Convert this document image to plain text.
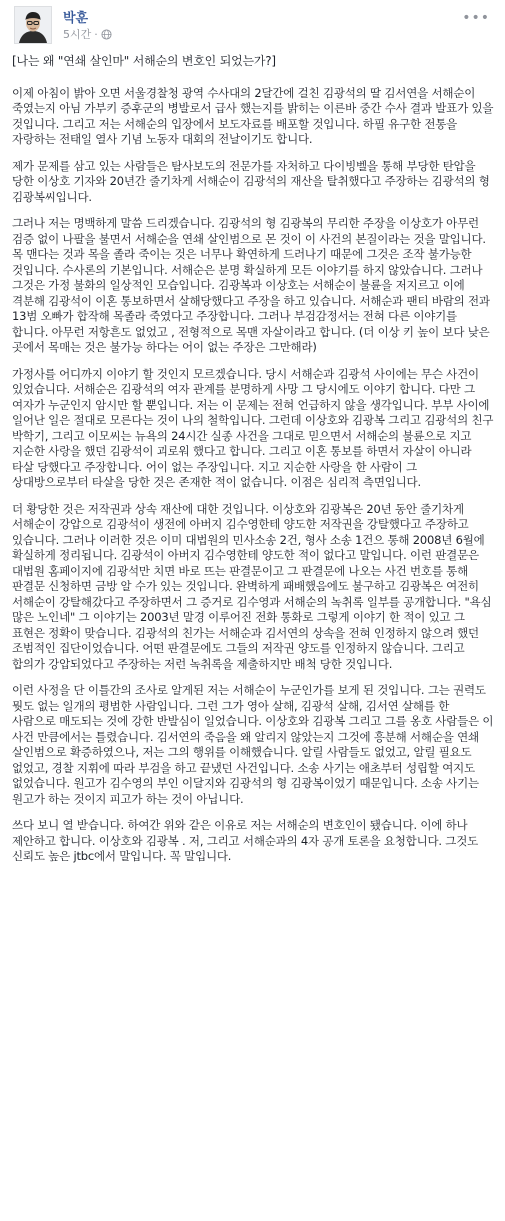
박훈
5시간 ·
•••

[나는 왜 "연쇄 살인마" 서해순의 변호인 되었는가?]

이제 아침이 밝아 오면 서울경찰청 광역 수사대의 2달간에 걸친 김광석의 딸 김서연을 서해순이 죽였는지 아님 가부키 증후군의 병발로서 급사 했는지를 밝히는 이른바 중간 수사 결과 발표가 있을 것입니다. 그리고 저는 서해순의 입장에서 보도자료를 배포할 것입니다. 하필 유구한 전통을 자랑하는 전태일 열사 기념 노동자 대회의 전날이기도 합니다.

제가 문제를 삼고 있는 사람들은 탐사보도의 전문가를 자처하고 다이빙벨을 통해 부당한 탄압을 당한 이상호 기자와 20년간 줄기차게 서해순이 김광석의 재산을 탈취했다고 주장하는 김광석의 형 김광복씨입니다.

그러나 저는 명백하게 말씀 드리겠습니다. 김광석의 형 김광복의 무리한 주장을 이상호가 아무런 검증 없이 나팔을 불면서 서해순을 연쇄 살인범으로 몬 것이 이 사건의 본질이라는 것을 말입니다. 목 맨다는 것과 목을 졸라 죽이는 것은 너무나 확연하게 드러나기 때문에 그것은 조작 불가능한 것입니다. 수사론의 기본입니다. 서해순은 분명 확실하게 모든 이야기를 하지 않았습니다. 그러나 그것은 가정 불화의 일상적인 모습입니다. 김광복과 이상호는 서해순이 불륜을 저지르고 이에 격분해 김광석이 이혼 통보하면서 살해당했다고 주장을 하고 있습니다. 서해순과 팬티 바람의 전과 13범 오빠가 합작해 목졸라 죽였다고 주장합니다. 그러나 부검감정서는 전혀 다른 이야기를 합니다. 아무런 저항흔도 없었고 , 전형적으로 목맨 자살이라고 합니다. (더 이상 키 높이 보다 낮은 곳에서 목매는 것은 불가능 하다는 어이 없는 주장은 그만해라)

가정사를 어디까지 이야기 할 것인지 모르겠습니다. 당시 서해순과 김광석 사이에는 무슨 사건이 있었습니다. 서해순은 김광석의 여자 관계를 분명하게 사망 그 당시에도 이야기 합니다. 다만 그 여자가 누군인지 암시만 할 뿐입니다. 저는 이 문제는 전혀 언급하지 않을 생각입니다. 부부 사이에 일어난 일은 절대로 모른다는 것이 나의 철학입니다. 그런데 이상호와 김광복 그리고 김광석의 친구 박학기, 그리고 이모씨는 뉴욕의 24시간 실종 사건을 그대로 믿으면서 서해순의 불륜으로 지고 지순한 사랑을 했던 김광석이 괴로워 했다고 합니다. 그리고 이혼 통보를 하면서 자살이 아니라 타살 당했다고 주장합니다. 어이 없는 주장입니다. 지고 지순한 사랑을 한 사람이 그 상대방으로부터 타살을 당한 것은 존재한 적이 없습니다. 이점은 심리적 측면입니다.

더 황당한 것은 저작권과 상속 재산에 대한 것입니다. 이상호와 김광복은 20년 동안 줄기차게 서해순이 강압으로 김광석이 생전에 아버지 김수영한테 양도한 저작권을 강탈했다고 주장하고 있습니다. 그러나 이러한 것은 이미 대법원의 민사소송 2건, 형사 소송 1건으 통해 2008년 6월에 확실하게 정리됩니다. 김광석이 아버지 김수영한테 양도한 적이 없다고 말입니다. 이런 판결문은 대법원 홈페이지에 김광석만 치면 바로 뜨는 판결문이고 그 판결문에 나오는 사건 번호를 통해 판결문 신청하면 금방 알 수가 있는 것입니다. 완벽하게 패배했음에도 불구하고 김광복은 여전히 서해순이 강탈해갔다고 주장하면서 그 증거로 김수영과 서해순의 녹취록 일부를 공개합니다. "욕심 많은 노인네" 그 이야기는 2003년 말경 이루어진 전화 통화로 그렇게 이야기 한 적이 있고 그 표현은 정확이 맞습니다. 김광석의 친가는 서해순과 김서연의 상속을 전혀 인정하지 않으려 했던 조범적인 집단이었습니다. 어떤 판결문에도 그들의 저작권 양도를 인정하지 않습니다. 그리고 합의가 강압되었다고 주장하는 저런 녹취록을 제출하지만 배척 당한 것입니다.

이런 사정을 단 이틀간의 조사로 알게된 저는 서해순이 누군인가를 보게 된 것입니다. 그는 권력도 뭣도 없는 일개의 평범한 사람입니다. 그런 그가 영아 살해, 김광석 살해, 김서연 살해를 한 사람으로 매도되는 것에 강한 반발심이 일었습니다. 이상호와 김광복 그리고 그를 옹호 사람들은 이 사건 만큼에서는 틀렸습니다. 김서연의 죽음을 왜 알리지 않았는지 그것에 흥분해 서해순을 연쇄 살인범으로 확증하였으나, 저는 그의 행위를 이해했습니다. 알릴 사람들도 없었고, 알릴 필요도 없었고, 경찰 지휘에 따라 부검을 하고 끝냈던 사건입니다. 소송 사기는 애초부터 성립할 여지도 없었습니다. 원고가 김수영의 부인 이달지와 김광석의 형 김광복이었기 때문입니다. 소송 사기는 원고가 하는 것이지 피고가 하는 것이 아닙니다.

쓰다 보니 열 받습니다. 하여간 위와 같은 이유로 저는 서해순의 변호인이 됐습니다. 이에 하나 제안하고 합니다. 이상호와 김광복 . 저, 그리고 서해순과의 4자 공개 토론을 요청합니다. 그것도 신뢰도 높은 jtbc에서 말입니다. 꼭 말입니다.
